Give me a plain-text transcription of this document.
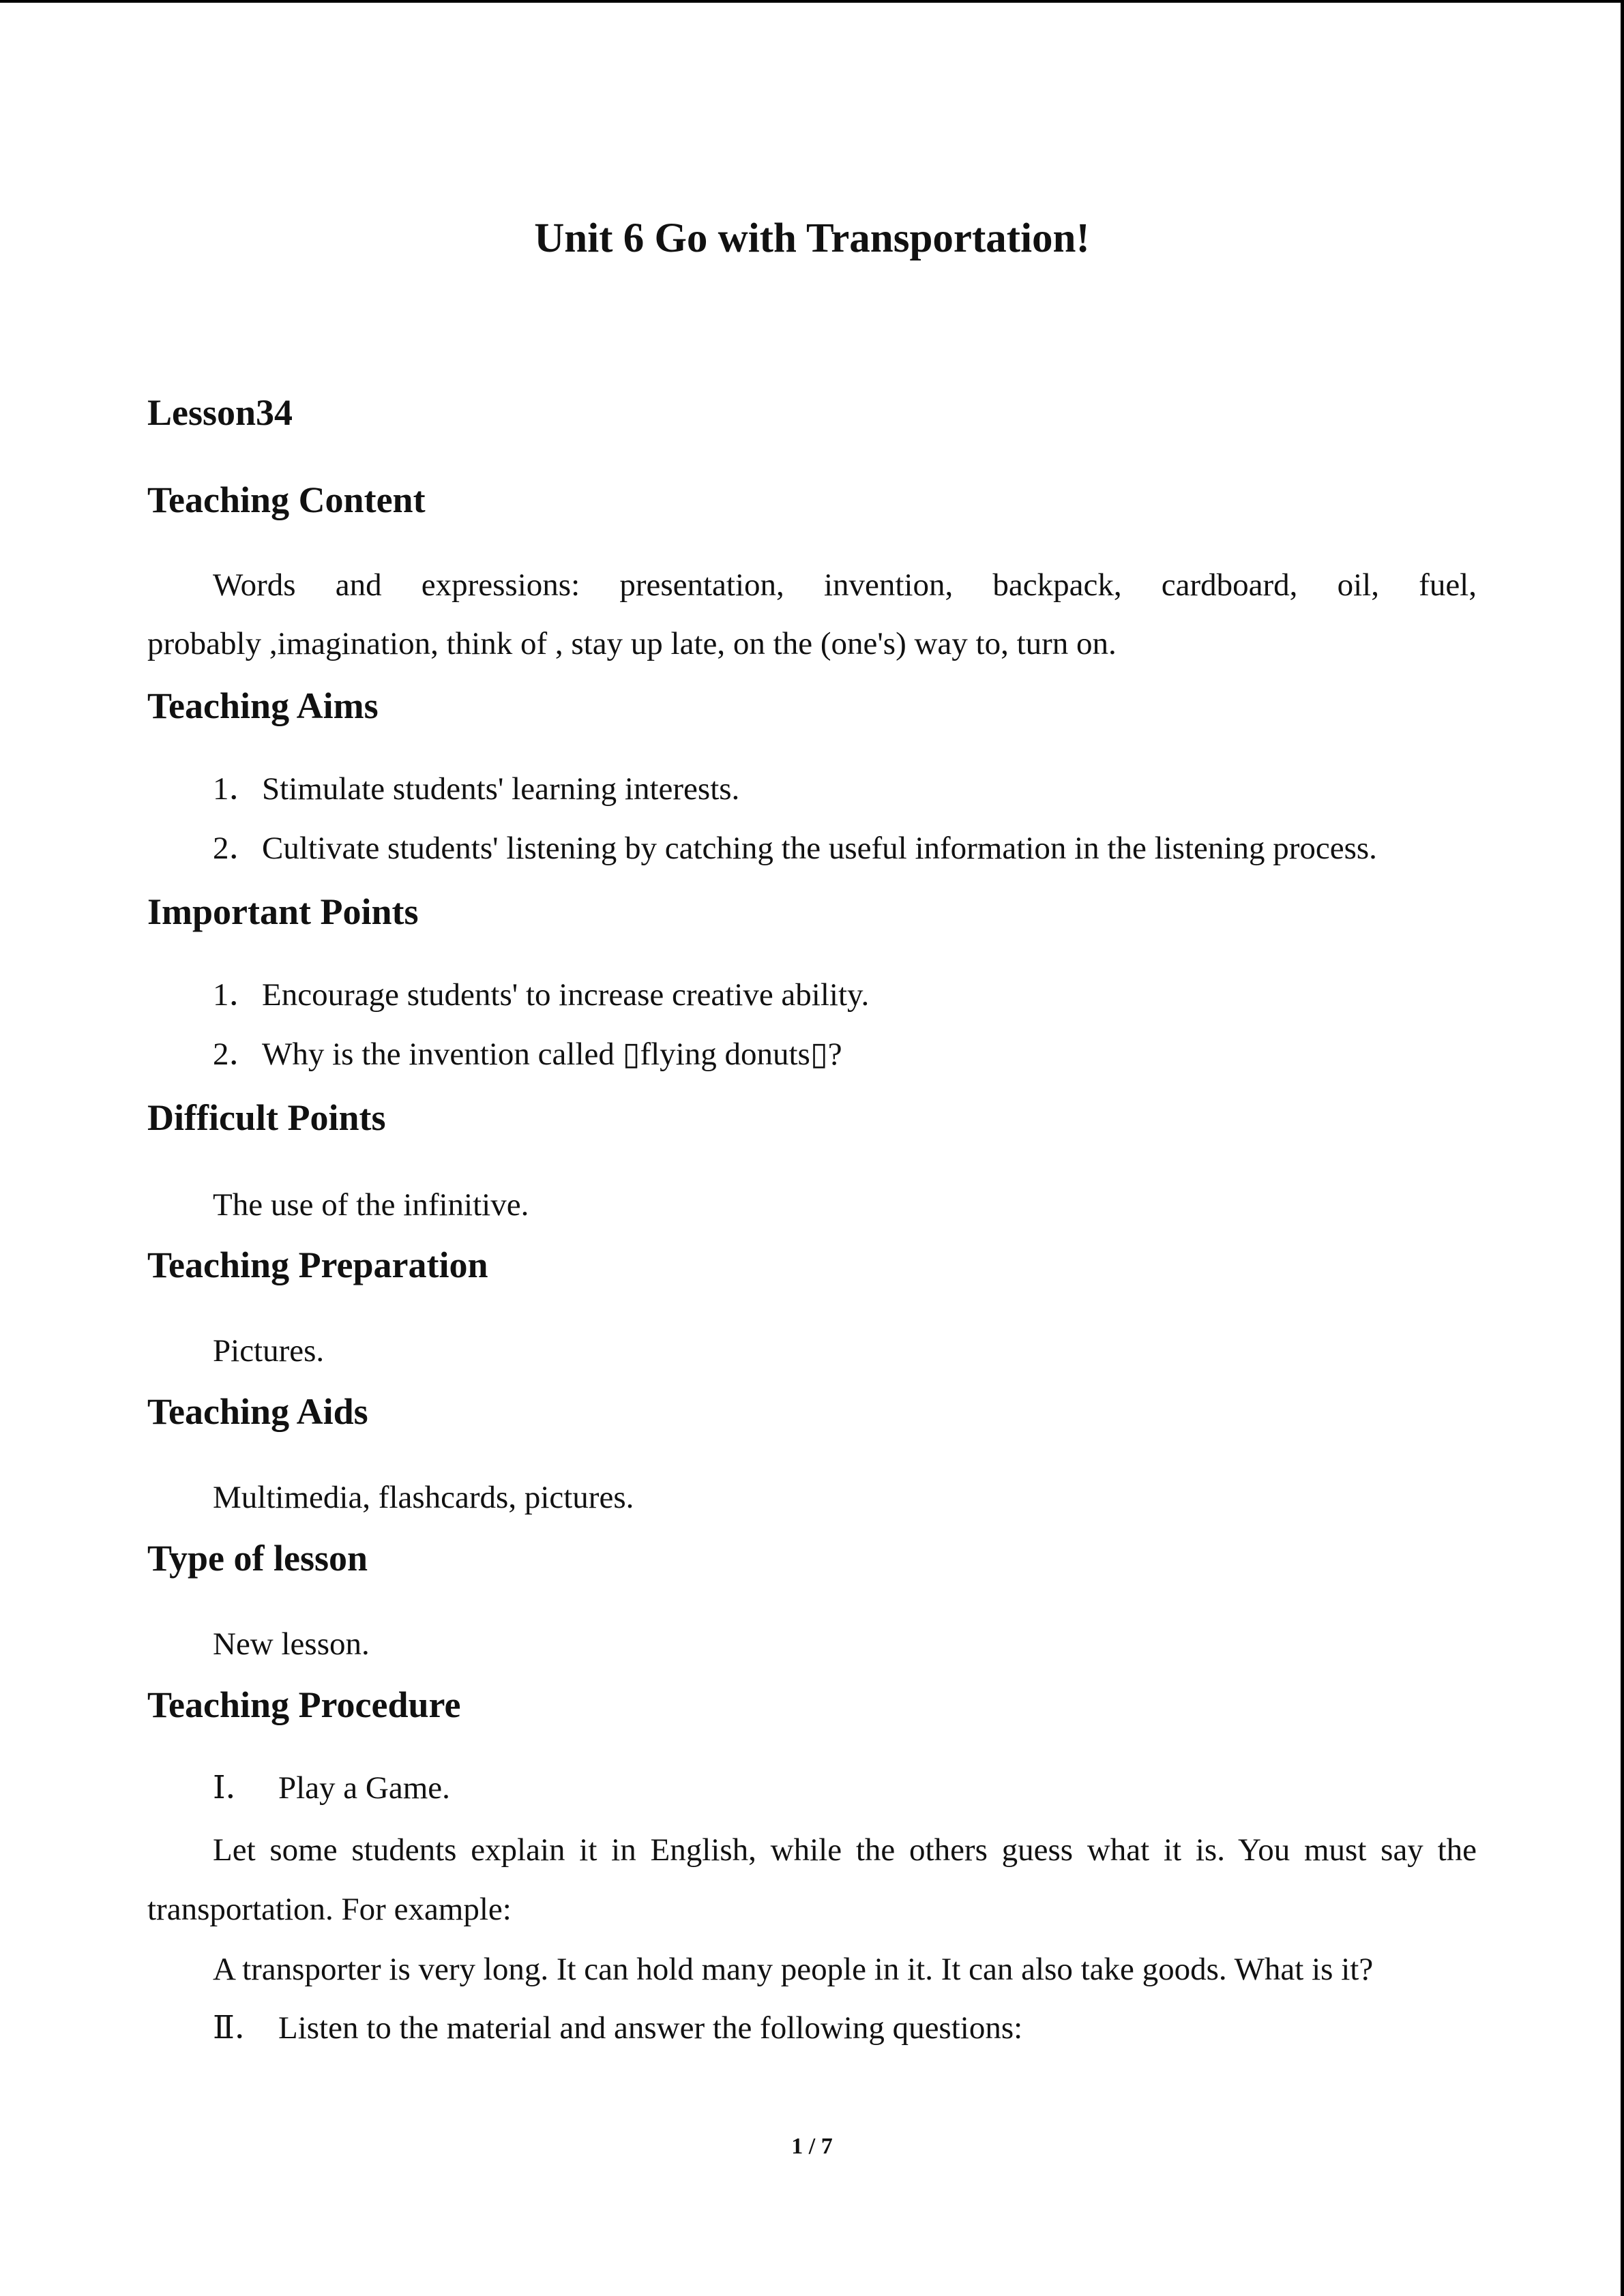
Unit 6 Go with Transportation!
Lesson34
Teaching Content
Words and expressions: presentation, invention, backpack, cardboard, oil, fuel,
probably ,imagination, think of , stay up late, on the (one's) way to, turn on.
Teaching Aims
1．Stimulate students' learning interests.
2．Cultivate students' listening by catching the useful information in the listening process.
Important Points
1．Encourage students' to increase creative ability.
2．Why is the invention called ▯flying donuts▯?
Difficult Points
The use of the infinitive.
Teaching Preparation
Pictures.
Teaching Aids
Multimedia, flashcards, pictures.
Type of lesson
New lesson.
Teaching Procedure
Ⅰ． Play a Game.
Let some students explain it in English, while the others guess what it is. You must say the
transportation. For example:
A transporter is very long. It can hold many people in it. It can also take goods. What is it?
Ⅱ． Listen to the material and answer the following questions:
1 / 7
